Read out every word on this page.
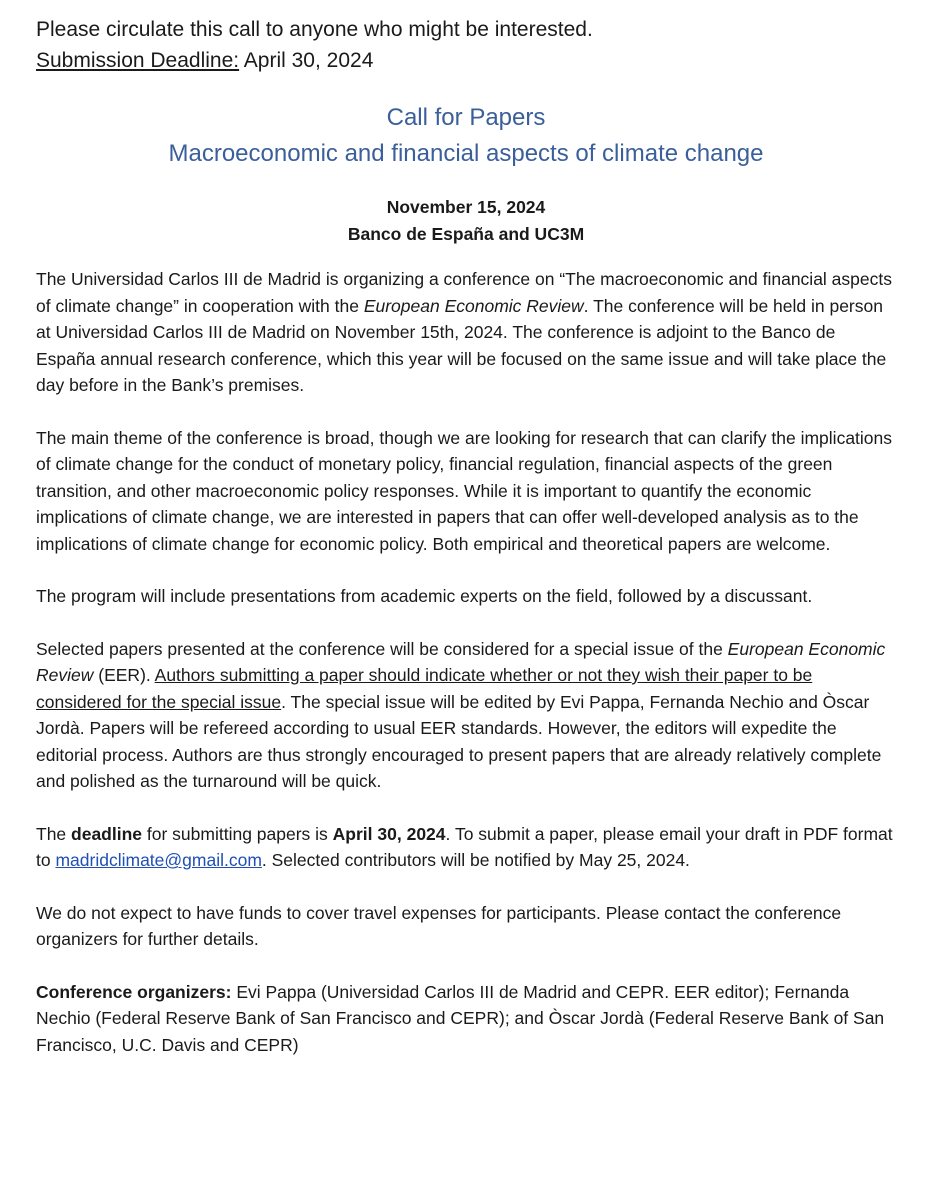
Please circulate this call to anyone who might be interested.
Submission Deadline: April 30, 2024
Call for Papers
Macroeconomic and financial aspects of climate change
November 15, 2024
Banco de España and UC3M

The Universidad Carlos III de Madrid is organizing a conference on “The macroeconomic and financial aspects of climate change” in cooperation with the European Economic Review. The conference will be held in person at Universidad Carlos III de Madrid on November 15th, 2024. The conference is adjoint to the Banco de España annual research conference, which this year will be focused on the same issue and will take place the day before in the Bank’s premises.

The main theme of the conference is broad, though we are looking for research that can clarify the implications of climate change for the conduct of monetary policy, financial regulation, financial aspects of the green transition, and other macroeconomic policy responses. While it is important to quantify the economic implications of climate change, we are interested in papers that can offer well-developed analysis as to the implications of climate change for economic policy. Both empirical and theoretical papers are welcome.

The program will include presentations from academic experts on the field, followed by a discussant.

Selected papers presented at the conference will be considered for a special issue of the European Economic Review (EER). Authors submitting a paper should indicate whether or not they wish their paper to be considered for the special issue. The special issue will be edited by Evi Pappa, Fernanda Nechio and Òscar Jordà. Papers will be refereed according to usual EER standards. However, the editors will expedite the editorial process. Authors are thus strongly encouraged to present papers that are already relatively complete and polished as the turnaround will be quick.

The deadline for submitting papers is April 30, 2024. To submit a paper, please email your draft in PDF format to madridclimate@gmail.com. Selected contributors will be notified by May 25, 2024.

We do not expect to have funds to cover travel expenses for participants. Please contact the conference organizers for further details.

Conference organizers: Evi Pappa (Universidad Carlos III de Madrid and CEPR. EER editor); Fernanda Nechio (Federal Reserve Bank of San Francisco and CEPR); and Òscar Jordà (Federal Reserve Bank of San Francisco, U.C. Davis and CEPR)
